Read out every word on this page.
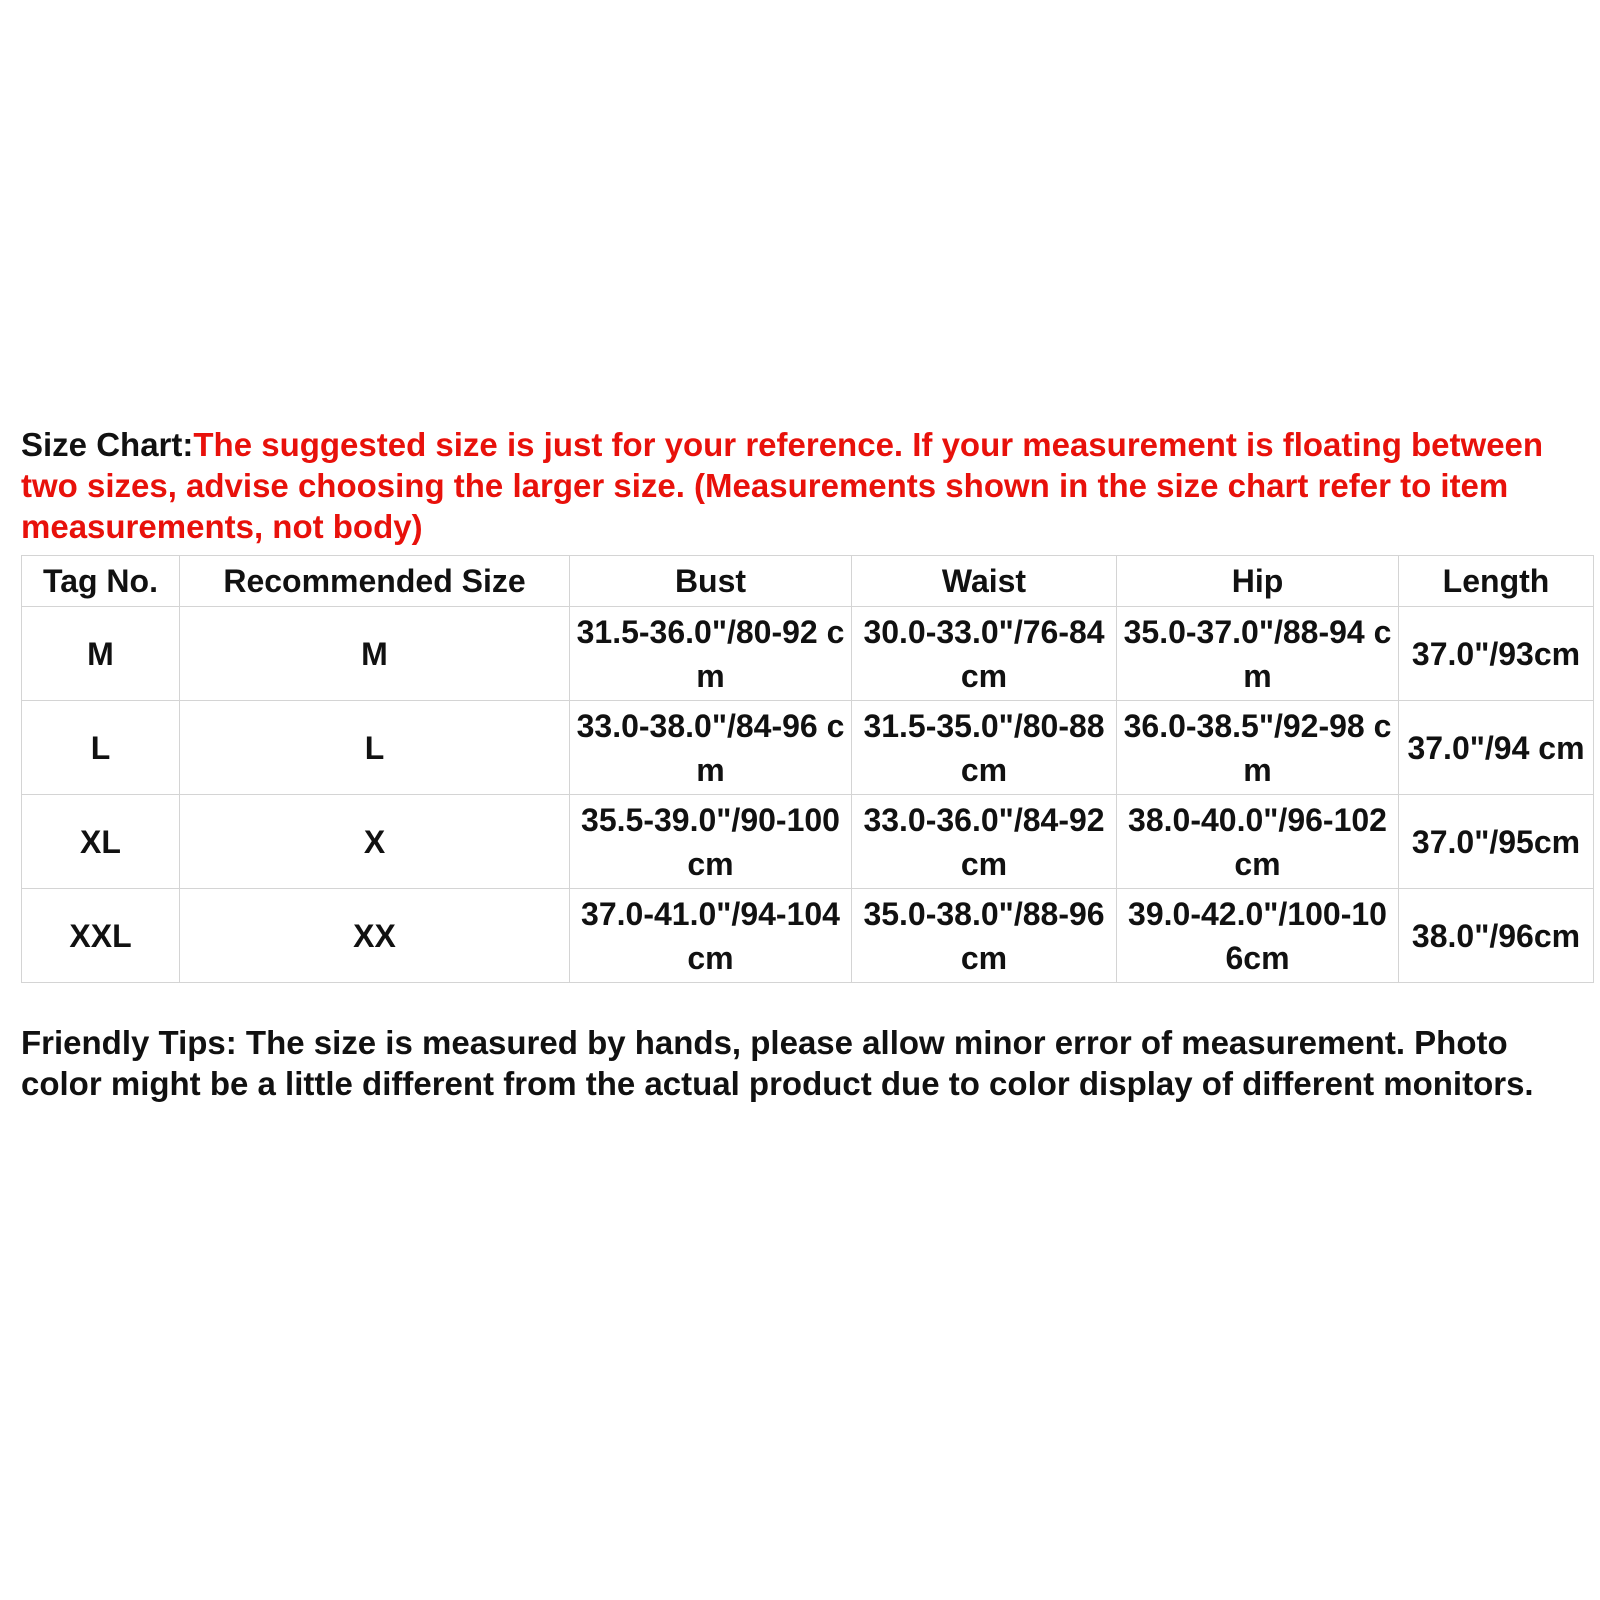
Size Chart:The suggested size is just for your reference. If your measurement is floating between two sizes, advise choosing the larger size. (Measurements shown in the size chart refer to item measurements, not body)

Tag No.	Recommended Size	Bust	Waist	Hip	Length
M	M	31.5-36.0"/80-92 cm	30.0-33.0"/76-84cm	35.0-37.0"/88-94 cm	37.0"/93cm
L	L	33.0-38.0"/84-96 cm	31.5-35.0"/80-88cm	36.0-38.5"/92-98 cm	37.0"/94 cm
XL	X	35.5-39.0"/90-100cm	33.0-36.0"/84-92cm	38.0-40.0"/96-102cm	37.0"/95cm
XXL	XX	37.0-41.0"/94-104cm	35.0-38.0"/88-96cm	39.0-42.0"/100-106cm	38.0"/96cm

Friendly Tips: The size is measured by hands, please allow minor error of measurement. Photo color might be a little different from the actual product due to color display of different monitors.
